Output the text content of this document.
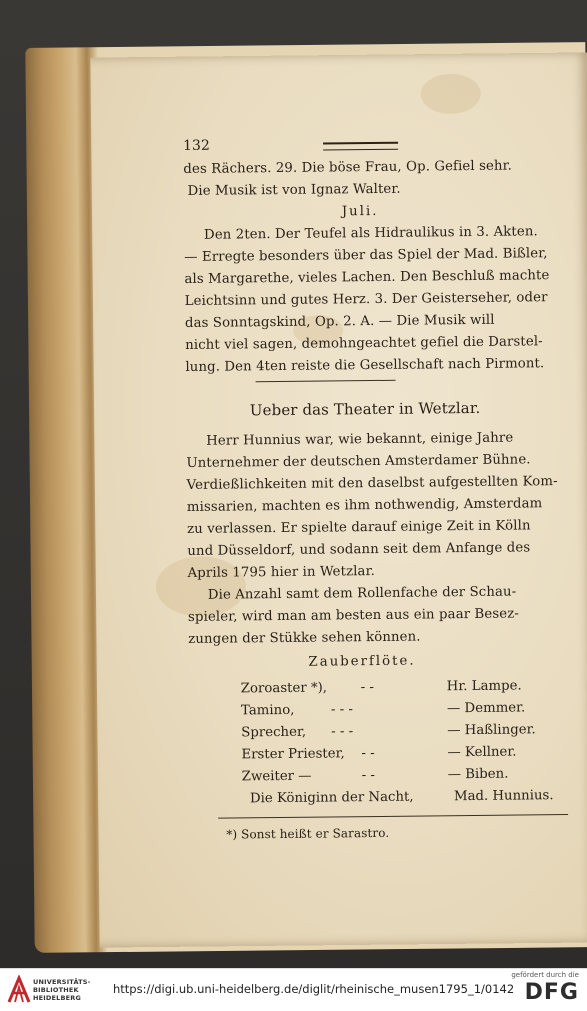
132
des Rächers. 29. Die böse Frau, Op. Gefiel sehr.
Die Musik ist von Ignaz Walter.
Juli.
Den 2ten. Der Teufel als Hidraulikus in 3. Akten.
— Erregte besonders über das Spiel der Mad. Bißler,
als Margarethe, vieles Lachen. Den Beschluß machte
Leichtsinn und gutes Herz. 3. Der Geisterseher, oder
das Sonntagskind, Op. 2. A. — Die Musik will
nicht viel sagen, demohngeachtet gefiel die Darstel-
lung. Den 4ten reiste die Gesellschaft nach Pirmont.
Ueber das Theater in Wetzlar.
Herr Hunnius war, wie bekannt, einige Jahre
Unternehmer der deutschen Amsterdamer Bühne.
Verdießlichkeiten mit den daselbst aufgestellten Kom-
missarien, machten es ihm nothwendig, Amsterdam
zu verlassen. Er spielte darauf einige Zeit in Kölln
und Düsseldorf, und sodann seit dem Anfange des
Aprils 1795 hier in Wetzlar.
Die Anzahl samt dem Rollenfache der Schau-
spieler, wird man am besten aus ein paar Besez-
zungen der Stükke sehen können.
Zauberflöte.
Zoroaster *),	- -	Hr. Lampe.
Tamino,	- - -	— Demmer.
Sprecher, - - -	— Haßlinger.
Erster Priester, - -	— Kellner.
Zweiter —	- -	— Biben.
Die Königinn der Nacht,	Mad. Hunnius.
*) Sonst heißt er Sarastro.
UNIVERSITÄTS-
BIBLIOTHEK
HEIDELBERG
https://digi.ub.uni-heidelberg.de/diglit/rheinische_musen1795_1/0142
gefördert durch die
DFG
